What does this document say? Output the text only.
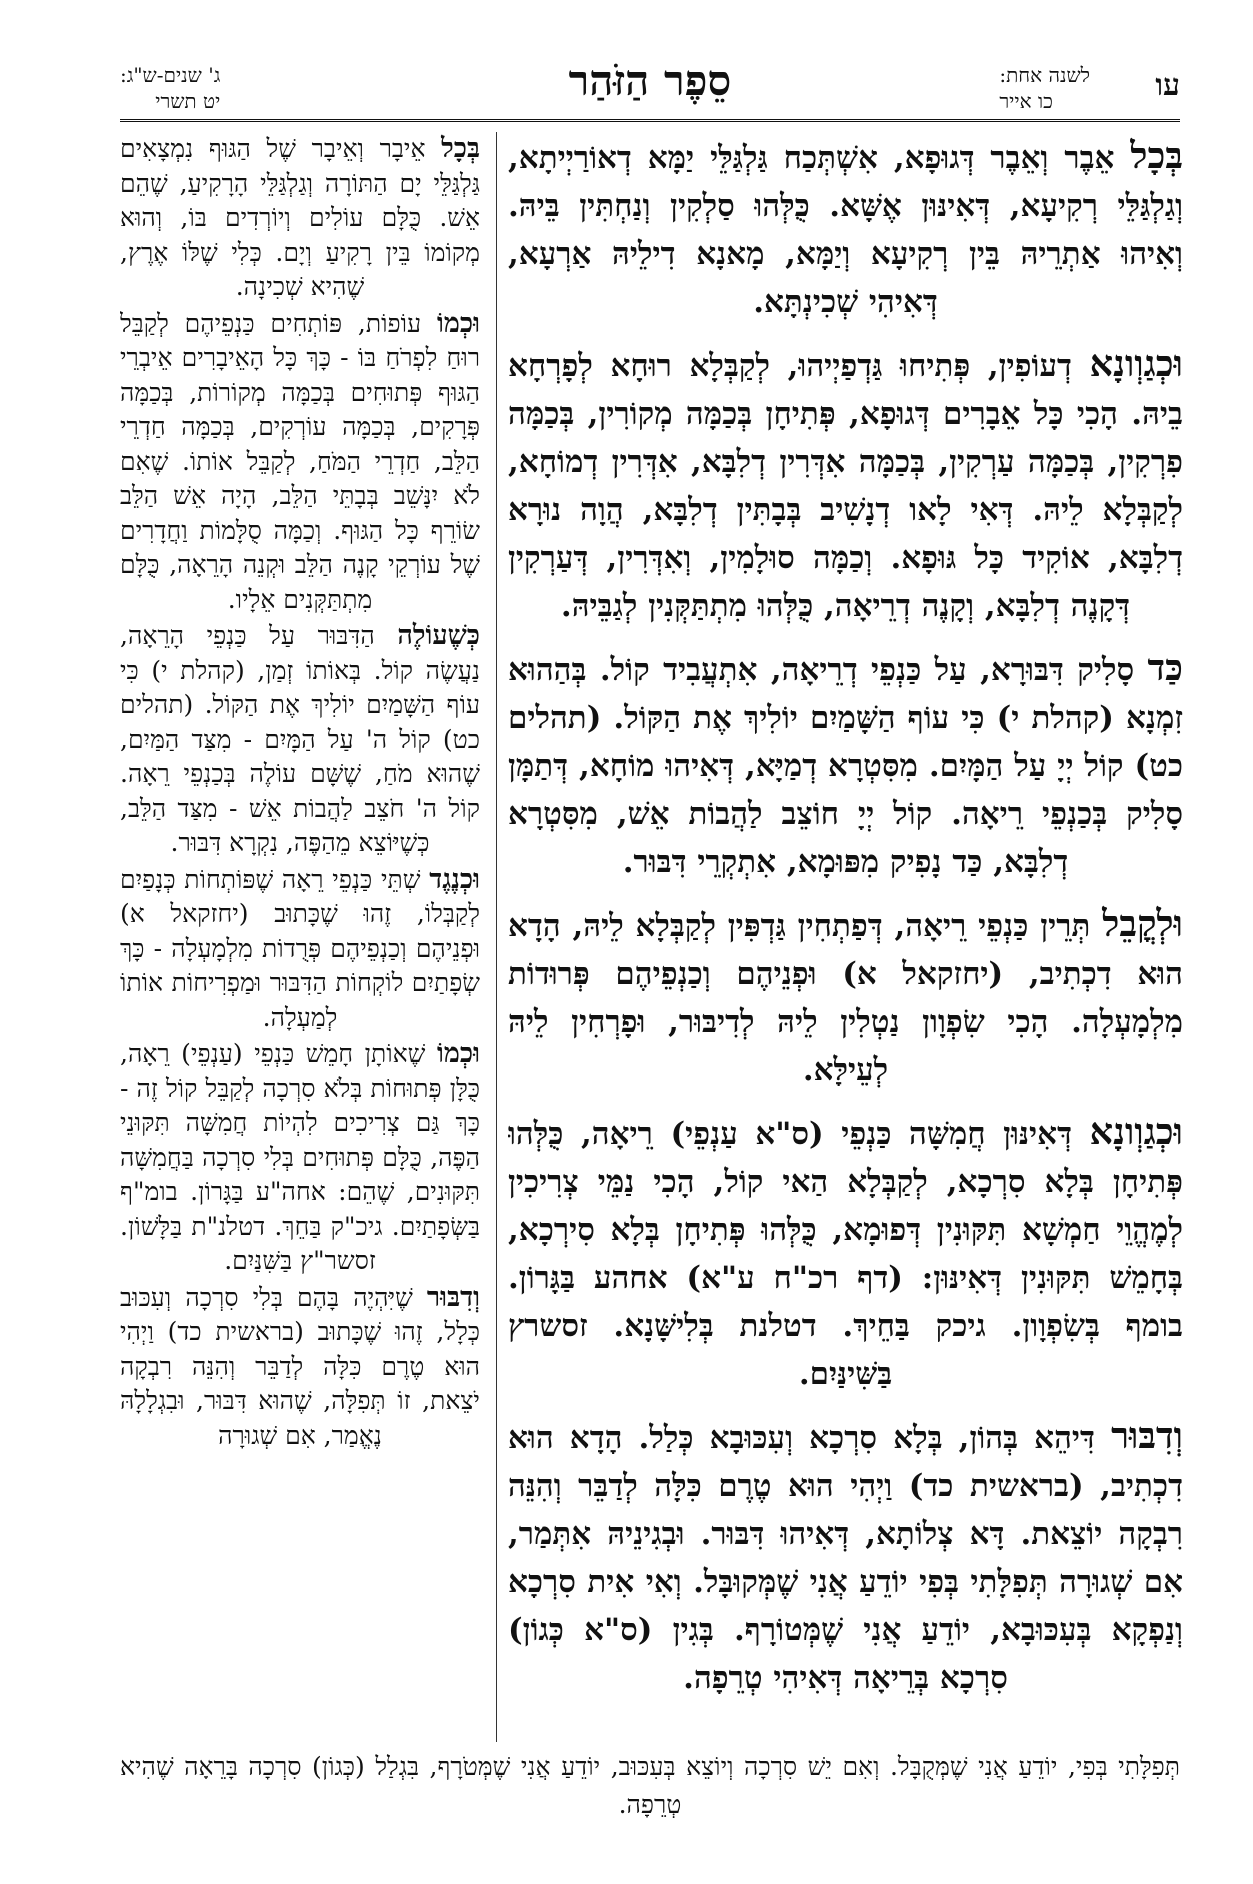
עו
לשנה אחת:
כו אייר
סֵפֶר הַזֹּהַר
ג' שנים-ש"ג:
יט תשרי

בְּכָל אֵבֶר וְאֵבֶר דְּגוּפָא, אִשְׁתְּכַח גַּלְגַּלֵּי יַמָּא דְאוֹרַיְיתָא, וְגַלְגַּלֵּי רְקִיעָא, דְּאִינּוּן אֶשָּׁא. כֻּלְּהוּ סַלְקִין וְנַחְתִּין בֵּיהּ. וְאִיהוּ אַתְרֵיהּ בֵּין רְקִיעָא וְיַמָּא, מָאנָא דִילֵיהּ אַרְעָא, דְּאִיהִי שְׁכִינְתָּא.

וּכְגַוְונָא דְעוֹפִין, פְּתִיחוּ גַּדְפַיְיהוּ, לְקַבְּלָא רוּחָא לְפָרְחָא בֵיהּ. הָכִי כָּל אֵבָרִים דְּגוּפָא, פְּתִיחָן בְּכַמָּה מְקוֹרִין, בְּכַמָּה פִרְקִין, בְּכַמָּה עַרְקִין, בְּכַמָּה אִדְּרִין דְלִבָּא, אִדְּרִין דְמוֹחָא, לְקַבְּלָא לֵיהּ. דְּאִי לָאו דְנָשִׁיב בְּבָתִּין דְלִבָּא, הֲוָה נוּרָא דְלִבָּא, אוֹקִיד כָּל גּוּפָא. וְכַמָּה סוּלָמִין, וְאִדְּרִין, דְּעַרְקִין דְּקָנֶה דְלִבָּא, וְקָנֶה דְרֵיאָה, כֻּלְּהוּ מִתְתַּקְּנִין לְגַבֵּיהּ.

כַּד סָלִיק דִּבּוּרָא, עַל כַּנְפֵי דְרֵיאָה, אִתְעֲבִיד קוֹל. בְּהַהוּא זִמְנָא (קהלת י) כִּי עוֹף הַשָּׁמַיִם יוֹלִיךְ אֶת הַקּוֹל. (תהלים כט) קוֹל יְיָ עַל הַמָּיִם. מִסִּטְרָא דְמַיָּא, דְּאִיהוּ מוֹחָא, דְּתַמָּן סָלִיק בְּכַנְפֵי רֵיאָה. קוֹל יְיָ חוֹצֵב לַהֲבוֹת אֵשׁ, מִסִּטְרָא דְלִבָּא, כַּד נָפִיק מִפּוּמָא, אִתְקְרֵי דִּבּוּר.

וּלְקֳבֵל תְּרֵין כַּנְפֵי רֵיאָה, דְּפַתְחִין גַּדְפִּין לְקַבְּלָא לֵיהּ, הָדָא הוּא דִכְתִיב, (יחזקאל א) וּפְנֵיהֶם וְכַנְפֵיהֶם פְּרוּדוֹת מִלְמָעְלָה. הָכִי שִׂפְוָון נַטְלִין לֵיהּ לְדִיבּוּר, וּפָרְחִין לֵיהּ לְעֵילָּא.

וּכְגַוְונָא דְּאִינּוּן חֲמִשָּׁה כַּנְפֵי (ס"א עַנְפֵי) רֵיאָה, כֻּלְּהוּ פְּתִיחָן בְּלָא סִרְכָא, לְקַבְּלָא הַאי קוֹל, הָכִי נַמֵּי צְרִיכִין לְמֶהֱוֵי חַמְשָׁא תִּקּוּנִין דְּפוּמָא, כֻּלְּהוּ פְּתִיחָן בְּלָא סִירְכָא, בְּחָמֵשׁ תִּקּוּנִין דְּאִינּוּן: (דף רכ"ח ע"א) אחהע בַּגָּרוֹן. בומף בְּשִׂפְוָון. גיכק בַּחֵיךְ. דטלנת בְּלִישָּׁנָא. זסשרץ בַּשִּׁינַּיִם.

וְדִבּוּר דִּיהֵא בְּהוֹן, בְּלָא סִרְכָא וְעִכּוּבָא כְּלַל. הָדָא הוּא דִכְתִיב, (בראשית כד) וַיְהִי הוּא טֶרֶם כִּלָּה לְדַבֵּר וְהִנֵּה רִבְקָה יוֹצֵאת. דָּא צְלוֹתָא, דְּאִיהוּ דִּבּוּר. וּבְגִינֵיהּ אִתְּמַר, אִם שְׁגוּרָה תְּפִלָּתִי בְּפִי יוֹדֵעַ אֲנִי שֶׁמְּקוּבָּל. וְאִי אִית סִרְכָא וְנַפְקָא בְּעִכּוּבָא, יוֹדֵעַ אֲנִי שֶׁמְּטוֹרָף. בְּגִין (ס"א כְּגוֹן) סִרְכָא בְּרֵיאָה דְּאִיהִי טְרֵפָה.

בְּכָל אֵיבָר וְאֵיבָר שֶׁל הַגּוּף נִמְצָאִים גַּלְגַּלֵּי יָם הַתּוֹרָה וְגַלְגַּלֵּי הָרָקִיעַ, שֶׁהֵם אֵשׁ. כֻּלָּם עוֹלִים וְיוֹרְדִים בּוֹ, וְהוּא מְקוֹמוֹ בֵּין רָקִיעַ וְיָם. כְּלִי שֶׁלּוֹ אֶרֶץ, שֶׁהִיא שְׁכִינָה.

וּכְמוֹ עוֹפוֹת, פּוֹתְחִים כַּנְפֵיהֶם לְקַבֵּל רוּחַ לִפְרֹחַ בּוֹ - כָּךְ כָּל הָאֵיבָרִים אֵיבְרֵי הַגּוּף פְּתוּחִים בְּכַמָּה מְקוֹרוֹת, בְּכַמָּה פְּרָקִים, בְּכַמָּה עוֹרְקִים, בְּכַמָּה חַדְרֵי הַלֵּב, חַדְרֵי הַמֹּחַ, לְקַבֵּל אוֹתוֹ. שֶׁאִם לֹא יִנָּשֵׁב בְּבָתֵּי הַלֵּב, הָיָה אֵשׁ הַלֵּב שׂוֹרֵף כָּל הַגּוּף. וְכַמָּה סֻלָּמוֹת וַחֲדָרִים שֶׁל עוֹרְקֵי קָנֶה הַלֵּב וּקְנֵה הָרֵאָה, כֻּלָּם מִתְתַּקְּנִים אֵלָיו.

כְּשֶׁעוֹלֶה הַדִּבּוּר עַל כַּנְפֵי הָרֵאָה, נַעֲשֶׂה קוֹל. בְּאוֹתוֹ זְמַן, (קהלת י) כִּי עוֹף הַשָּׁמַיִם יוֹלִיךְ אֶת הַקּוֹל. (תהלים כט) קוֹל ה' עַל הַמָּיִם - מִצַּד הַמַּיִם, שֶׁהוּא מֹחַ, שֶׁשָּׁם עוֹלֶה בְּכַנְפֵי רֵאָה. קוֹל ה' חֹצֵב לַהֲבוֹת אֵשׁ - מִצַּד הַלֵּב, כְּשֶׁיּוֹצֵא מֵהַפֶּה, נִקְרָא דִּבּוּר.

וּכְנֶגֶד שְׁתֵּי כַּנְפֵי רֵאָה שֶׁפּוֹתְחוֹת כְּנָפַיִם לְקַבְּלוֹ, זֶהוּ שֶׁכָּתוּב (יחזקאל א) וּפְנֵיהֶם וְכַנְפֵיהֶם פְּרֻדוֹת מִלְמָעְלָה - כָּךְ שְׂפָתַיִם לוֹקְחוֹת הַדִּבּוּר וּמַפְרִיחוֹת אוֹתוֹ לְמַעְלָה.

וּכְמוֹ שֶׁאוֹתָן חָמֵשׁ כַּנְפֵי (עַנְפֵי) רֵאָה, כֻּלָּן פְּתוּחוֹת בְּלֹא סִרְכָה לְקַבֵּל קוֹל זֶה - כָּךְ גַּם צְרִיכִים לִהְיוֹת חֲמִשָּׁה תִּקּוּנֵי הַפֶּה, כֻּלָּם פְּתוּחִים בְּלִי סִרְכָה בַּחֲמִשָּׁה תִּקּוּנִים, שֶׁהֵם: אחה"ע בַּגָּרוֹן. בומ"ף בַּשְּׂפָתַיִם. גיכ"ק בַּחֵךְ. דטלנ"ת בַּלָּשׁוֹן. זסשר"ץ בַּשִּׁנַּיִם.

וְדִבּוּר שֶׁיִּהְיֶה בָּהֶם בְּלִי סִרְכָה וְעִכּוּב כְּלָל, זֶהוּ שֶׁכָּתוּב (בראשית כד) וַיְהִי הוּא טֶרֶם כִּלָּה לְדַבֵּר וְהִנֵּה רִבְקָה יֹצֵאת, זוֹ תְּפִלָּה, שֶׁהוּא דִּבּוּר, וּבִגְלָלָהּ נֶאֱמַר, אִם שְׁגוּרָה

תְּפִלָּתִי בְּפִי, יוֹדֵעַ אֲנִי שֶׁמְּקֻבָּל. וְאִם יֵשׁ סִרְכָה וְיוֹצֵא בְּעִכּוּב, יוֹדֵעַ אֲנִי שֶׁמְּטֹרָף, בִּגְלַל (כְּגוֹן) סִרְכָה בָּרֵאָה שֶׁהִיא טְרֵפָה.
